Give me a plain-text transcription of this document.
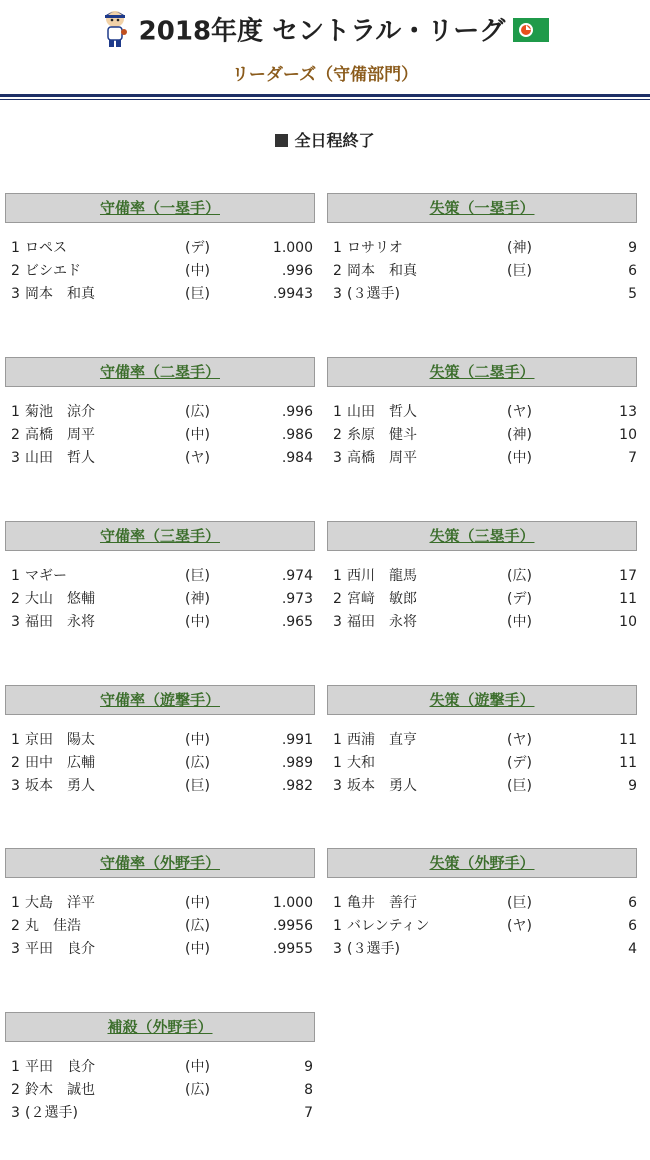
2018年度 セントラル・リーグ
リーダーズ（守備部門）
全日程終了
守備率（一塁手）
1 ロペス	(デ)	1.000
2 ビシエド	(中)	.996
3 岡本　和真	(巨)	.9943
失策（一塁手）
1 ロサリオ	(神)	9
2 岡本　和真	(巨)	6
3 (３選手)	5
守備率（二塁手）
1 菊池　涼介	(広)	.996
2 高橋　周平	(中)	.986
3 山田　哲人	(ヤ)	.984
失策（二塁手）
1 山田　哲人	(ヤ)	13
2 糸原　健斗	(神)	10
3 高橋　周平	(中)	7
守備率（三塁手）
1 マギー	(巨)	.974
2 大山　悠輔	(神)	.973
3 福田　永将	(中)	.965
失策（三塁手）
1 西川　龍馬	(広)	17
2 宮﨑　敏郎	(デ)	11
3 福田　永将	(中)	10
守備率（遊撃手）
1 京田　陽太	(中)	.991
2 田中　広輔	(広)	.989
3 坂本　勇人	(巨)	.982
失策（遊撃手）
1 西浦　直亨	(ヤ)	11
1 大和	(デ)	11
3 坂本　勇人	(巨)	9
守備率（外野手）
1 大島　洋平	(中)	1.000
2 丸　佳浩	(広)	.9956
3 平田　良介	(中)	.9955
失策（外野手）
1 亀井　善行	(巨)	6
1 バレンティン	(ヤ)	6
3 (３選手)	4
補殺（外野手）
1 平田　良介	(中)	9
2 鈴木　誠也	(広)	8
3 (２選手)	7
